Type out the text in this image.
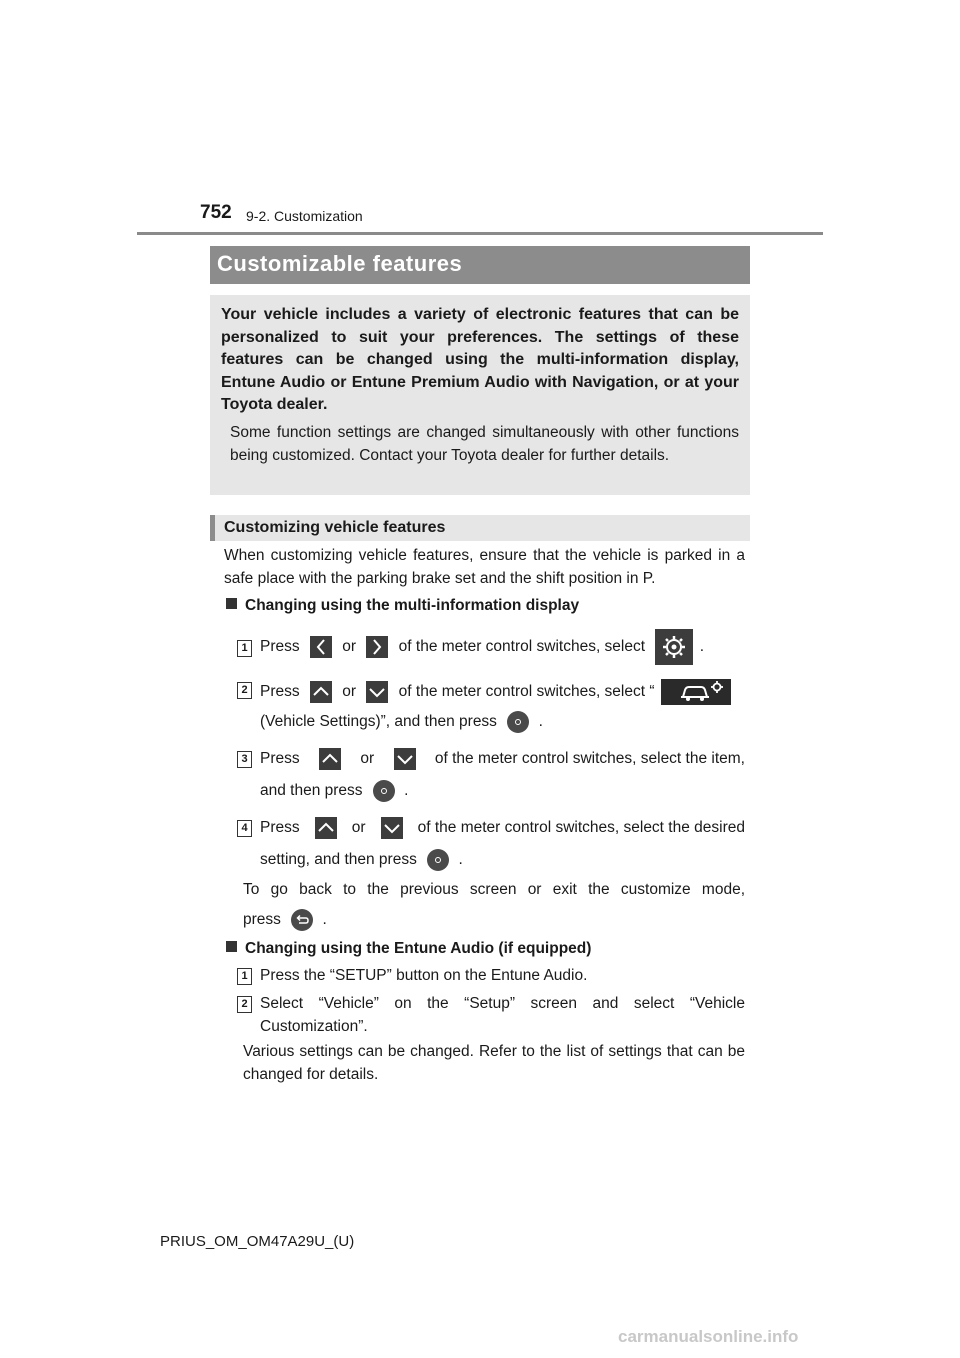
752 9-2. Customization
Customizable features
Your vehicle includes a variety of electronic features that can be personalized to suit your preferences. The settings of these features can be changed using the multi-information display, Entune Audio or Entune Premium Audio with Navigation, or at your Toyota dealer.
Some function settings are changed simultaneously with other functions being customized. Contact your Toyota dealer for further details.
Customizing vehicle features
When customizing vehicle features, ensure that the vehicle is parked in a safe place with the parking brake set and the shift position in P.
Changing using the multi-information display
1 Press	or	of the meter control switches, select	.
2 Press	or	of the meter control switches, select “
(Vehicle Settings)”, and then press	.
3 Press	or	of the meter control switches, select the item,
and then press	.
4 Press	or	of the meter control switches, select the desired
setting, and then press	.
To go back to the previous screen or exit the customize mode,
press	.
Changing using the Entune Audio (if equipped)
1 Press the “SETUP” button on the Entune Audio.
2 Select “Vehicle” on the “Setup” screen and select “Vehicle Customization”.
Various settings can be changed. Refer to the list of settings that can be changed for details.
PRIUS_OM_OM47A29U_(U)
carmanualsonline.info
